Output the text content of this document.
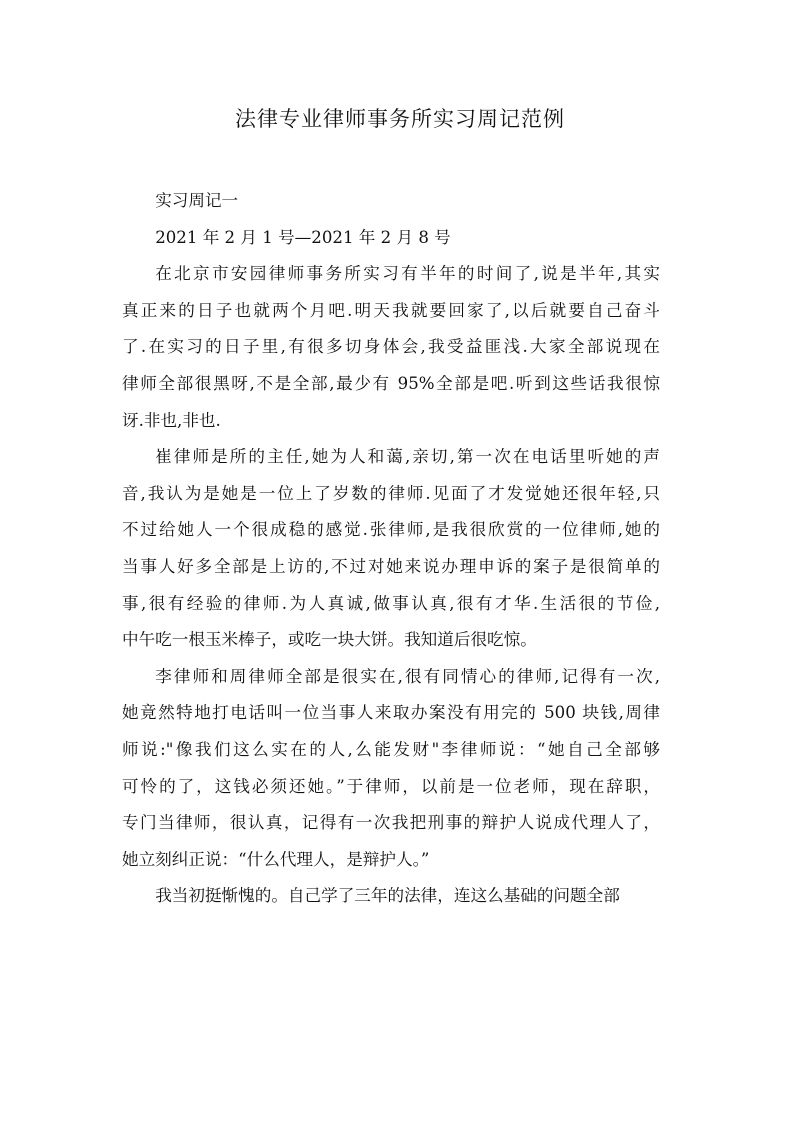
法律专业律师事务所实习周记范例
实习周记一
2021 年 2 月 1 号—2021 年 2 月 8 号
在北京市安园律师事务所实习有半年的时间了,说是半年,其实
真正来的日子也就两个月吧.明天我就要回家了,以后就要自己奋斗
了.在实习的日子里,有很多切身体会,我受益匪浅.大家全部说现在
律师全部很黑呀,不是全部,最少有 95%全部是吧.听到这些话我很惊
讶.非也,非也.
崔律师是所的主任,她为人和蔼,亲切,第一次在电话里听她的声
音,我认为是她是一位上了岁数的律师.见面了才发觉她还很年轻,只
不过给她人一个很成稳的感觉.张律师,是我很欣赏的一位律师,她的
当事人好多全部是上访的,不过对她来说办理申诉的案子是很简单的
事,很有经验的律师.为人真诚,做事认真,很有才华.生活很的节俭,
中午吃一根玉米棒子，或吃一块大饼。我知道后很吃惊。
李律师和周律师全部是很实在,很有同情心的律师,记得有一次,
她竟然特地打电话叫一位当事人来取办案没有用完的 500 块钱,周律
师说:"像我们这么实在的人,么能发财"李律师说：“她自己全部够
可怜的了，这钱必须还她。”于律师，以前是一位老师，现在辞职，
专门当律师，很认真，记得有一次我把刑事的辩护人说成代理人了，
她立刻纠正说：“什么代理人，是辩护人。”
我当初挺惭愧的。自己学了三年的法律，连这么基础的问题全部
